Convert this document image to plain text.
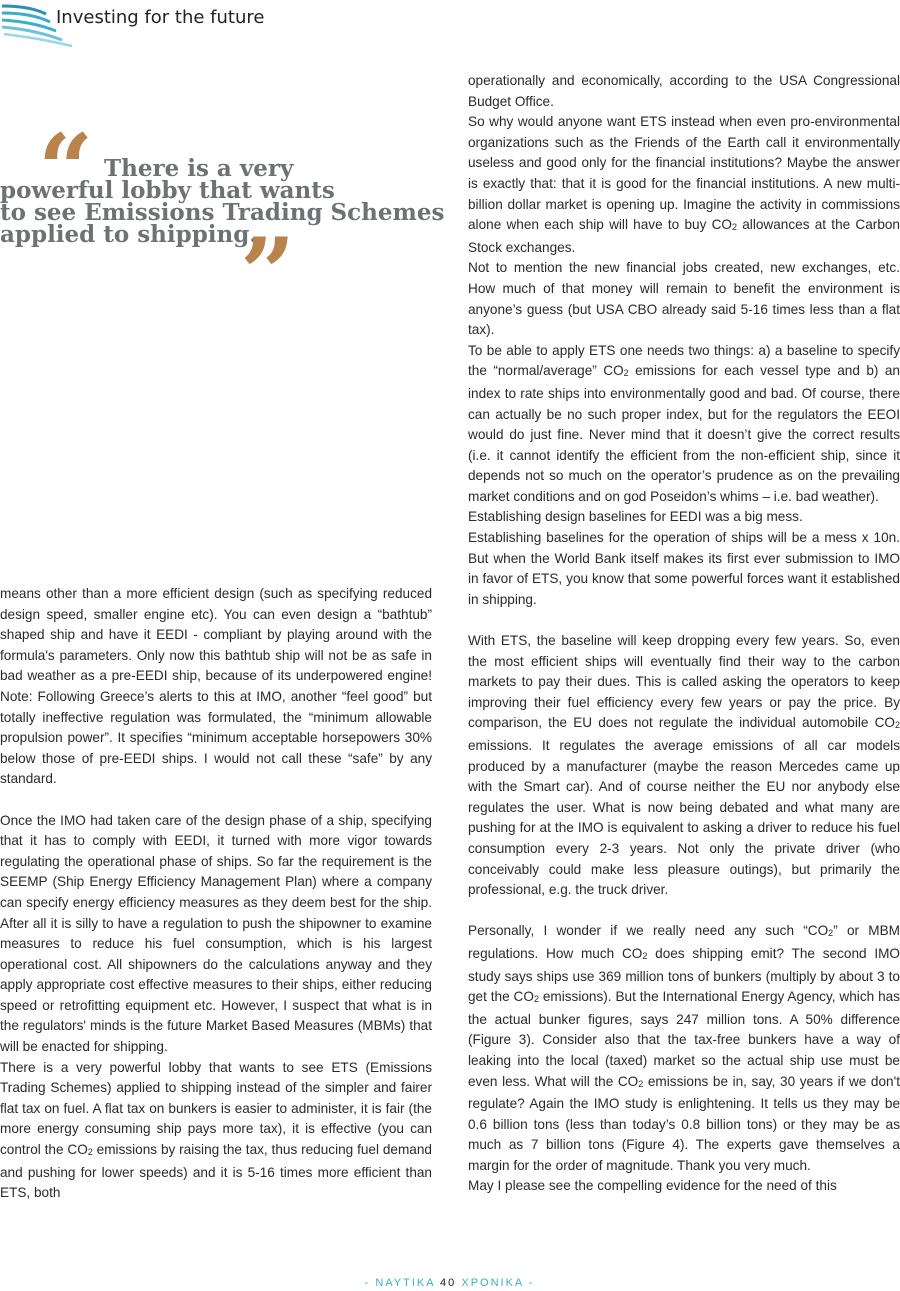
Investing for the future
“ There is a very
powerful lobby that wants
to see Emissions Trading Schemes
applied to shipping.
”

means other than a more efficient design (such as specifying reduced design speed, smaller engine etc). You can even design a “bathtub” shaped ship and have it EEDI - compliant by playing around with the formula's parameters. Only now this bathtub ship will not be as safe in bad weather as a pre-EEDI ship, because of its underpowered engine! Note: Following Greece’s alerts to this at IMO, another “feel good” but totally ineffective regulation was formulated, the “minimum allowable propulsion power”. It specifies “minimum acceptable horsepowers 30% below those of pre-EEDI ships. I would not call these “safe” by any standard.

Once the IMO had taken care of the design phase of a ship, specifying that it has to comply with EEDI, it turned with more vigor towards regulating the operational phase of ships. So far the requirement is the SEEMP (Ship Energy Efficiency Management Plan) where a company can specify energy efficiency measures as they deem best for the ship. After all it is silly to have a regulation to push the shipowner to examine measures to reduce his fuel consumption, which is his largest operational cost. All shipowners do the calculations anyway and they apply appropriate cost effective measures to their ships, either reducing speed or retrofitting equipment etc. However, I suspect that what is in the regulators' minds is the future Market Based Measures (MBMs) that will be enacted for shipping.

There is a very powerful lobby that wants to see ETS (Emissions Trading Schemes) applied to shipping instead of the simpler and fairer flat tax on fuel. A flat tax on bunkers is easier to administer, it is fair (the more energy consuming ship pays more tax), it is effective (you can control the $CO_2$ emissions by raising the tax, thus reducing fuel demand and pushing for lower speeds) and it is 5-16 times more efficient than ETS, both

operationally and economically, according to the USA Congressional Budget Office.

So why would anyone want ETS instead when even pro-environmental organizations such as the Friends of the Earth call it environmentally useless and good only for the financial institutions? Maybe the answer is exactly that: that it is good for the financial institutions. A new multi-billion dollar market is opening up. Imagine the activity in commissions alone when each ship will have to buy $CO_2$ allowances at the Carbon Stock exchanges.

Not to mention the new financial jobs created, new exchanges, etc. How much of that money will remain to benefit the environment is anyone’s guess (but USA CBO already said 5-16 times less than a flat tax).

To be able to apply ETS one needs two things: a) a baseline to specify the “normal/average” $CO_2$ emissions for each vessel type and b) an index to rate ships into environmentally good and bad. Of course, there can actually be no such proper index, but for the regulators the EEOI would do just fine. Never mind that it doesn’t give the correct results (i.e. it cannot identify the efficient from the non-efficient ship, since it depends not so much on the operator’s prudence as on the prevailing market conditions and on god Poseidon’s whims – i.e. bad weather).

Establishing design baselines for EEDI was a big mess.

Establishing baselines for the operation of ships will be a mess x 10n. But when the World Bank itself makes its first ever submission to IMO in favor of ETS, you know that some powerful forces want it established in shipping.

With ETS, the baseline will keep dropping every few years. So, even the most efficient ships will eventually find their way to the carbon markets to pay their dues. This is called asking the operators to keep improving their fuel efficiency every few years or pay the price. By comparison, the EU does not regulate the individual automobile $CO_2$ emissions. It regulates the average emissions of all car models produced by a manufacturer (maybe the reason Mercedes came up with the Smart car). And of course neither the EU nor anybody else regulates the user. What is now being debated and what many are pushing for at the IMO is equivalent to asking a driver to reduce his fuel consumption every 2-3 years. Not only the private driver (who conceivably could make less pleasure outings), but primarily the professional, e.g. the truck driver.

Personally, I wonder if we really need any such “$CO_2$” or MBM regulations. How much $CO_2$ does shipping emit? The second IMO study says ships use 369 million tons of bunkers (multiply by about 3 to get the $CO_2$ emissions). But the International Energy Agency, which has the actual bunker figures, says 247 million tons. A 50% difference (Figure 3). Consider also that the tax-free bunkers have a way of leaking into the local (taxed) market so the actual ship use must be even less. What will the $CO_2$ emissions be in, say, 30 years if we don't regulate? Again the IMO study is enlightening. It tells us they may be 0.6 billion tons (less than today’s 0.8 billion tons) or they may be as much as 7 billion tons (Figure 4). The experts gave themselves a margin for the order of magnitude. Thank you very much.

May I please see the compelling evidence for the need of this

- ΝΑΥΤΙΚΑ 40 ΧΡΟΝΙΚΑ -
